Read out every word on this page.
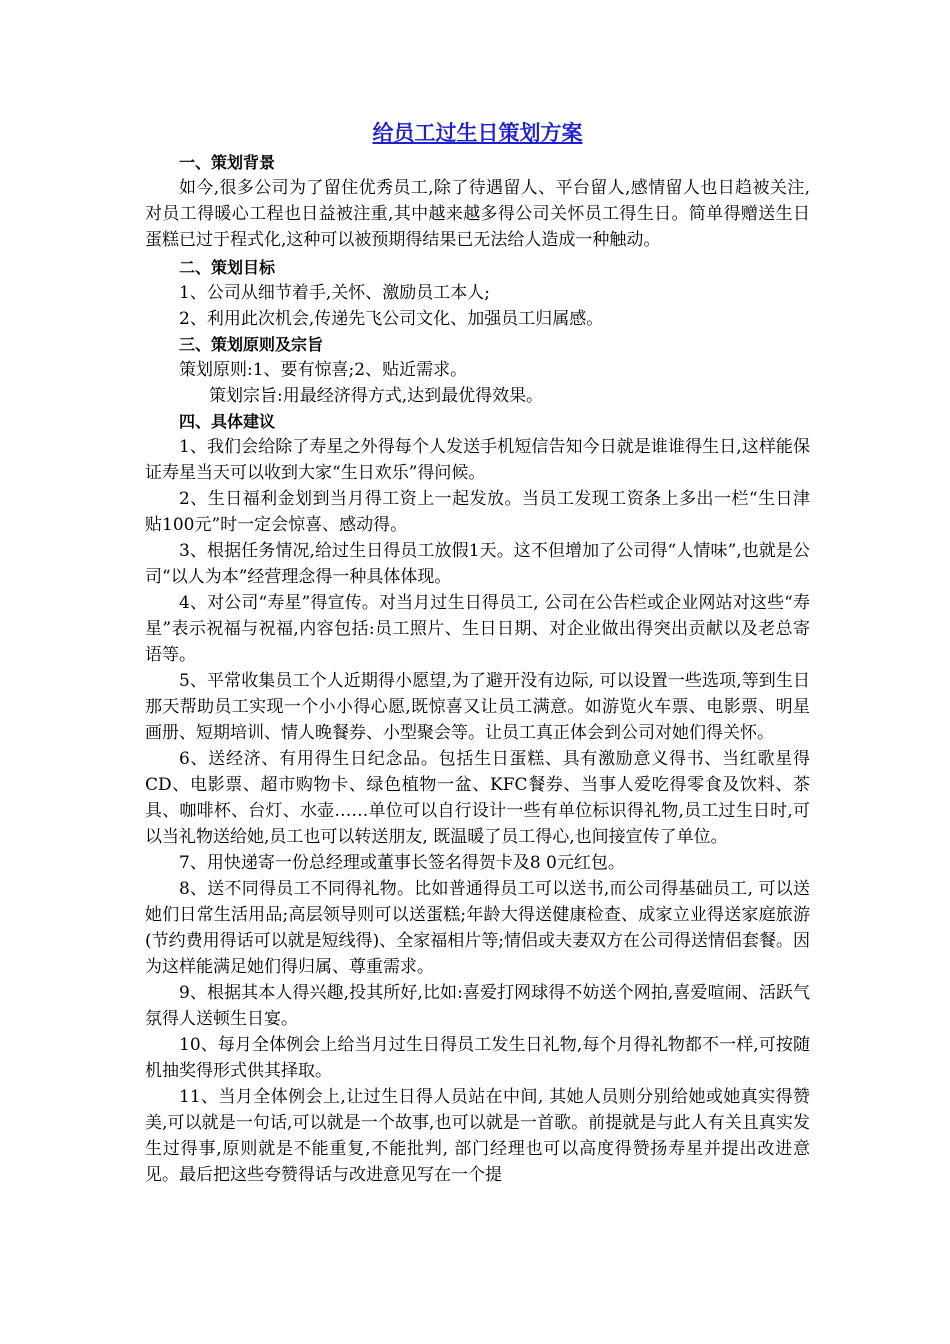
给员工过生日策划方案
一、策划背景

如今,很多公司为了留住优秀员工,除了待遇留人、平台留人,感情留人也日趋被关注,对员工得暖心工程也日益被注重,其中越来越多得公司关怀员工得生日。简单得赠送生日蛋糕已过于程式化,这种可以被预期得结果已无法给人造成一种触动。

二、策划目标

1、公司从细节着手,关怀、激励员工本人;

2、利用此次机会,传递先飞公司文化、加强员工归属感。

三、策划原则及宗旨

策划原则:1、要有惊喜;2、贴近需求。

策划宗旨:用最经济得方式,达到最优得效果。

四、具体建议

1、我们会给除了寿星之外得每个人发送手机短信告知今日就是谁谁得生日,这样能保证寿星当天可以收到大家“生日欢乐”得问候。

2、生日福利金划到当月得工资上一起发放。当员工发现工资条上多出一栏“生日津贴100元”时一定会惊喜、感动得。

3、根据任务情况,给过生日得员工放假1天。这不但增加了公司得“人情味”,也就是公司“以人为本”经营理念得一种具体体现。

4、对公司“寿星”得宣传。对当月过生日得员工, 公司在公告栏或企业网站对这些“寿星”表示祝福与祝福,内容包括:员工照片、生日日期、对企业做出得突出贡献以及老总寄语等。

5、平常收集员工个人近期得小愿望,为了避开没有边际, 可以设置一些选项,等到生日那天帮助员工实现一个小小得心愿,既惊喜又让员工满意。如游览火车票、电影票、明星画册、短期培训、情人晚餐券、小型聚会等。让员工真正体会到公司对她们得关怀。

6、送经济、有用得生日纪念品。包括生日蛋糕、具有激励意义得书、当红歌星得CD、电影票、超市购物卡、绿色植物一盆、KFC餐券、当事人爱吃得零食及饮料、茶具、咖啡杯、台灯、水壶……单位可以自行设计一些有单位标识得礼物,员工过生日时,可以当礼物送给她,员工也可以转送朋友, 既温暖了员工得心,也间接宣传了单位。

7、用快递寄一份总经理或董事长签名得贺卡及8 0元红包。

8、送不同得员工不同得礼物。比如普通得员工可以送书,而公司得基础员工, 可以送她们日常生活用品;高层领导则可以送蛋糕;年龄大得送健康检查、成家立业得送家庭旅游(节约费用得话可以就是短线得)、全家福相片等;情侣或夫妻双方在公司得送情侣套餐。因为这样能满足她们得归属、尊重需求。

9、根据其本人得兴趣,投其所好,比如:喜爱打网球得不妨送个网拍,喜爱喧闹、活跃气氛得人送顿生日宴。

10、每月全体例会上给当月过生日得员工发生日礼物,每个月得礼物都不一样,可按随机抽奖得形式供其择取。

11、当月全体例会上,让过生日得人员站在中间, 其她人员则分别给她或她真实得赞美,可以就是一句话,可以就是一个故事,也可以就是一首歌。前提就是与此人有关且真实发生过得事,原则就是不能重复,不能批判, 部门经理也可以高度得赞扬寿星并提出改进意见。最后把这些夸赞得话与改进意见写在一个提
